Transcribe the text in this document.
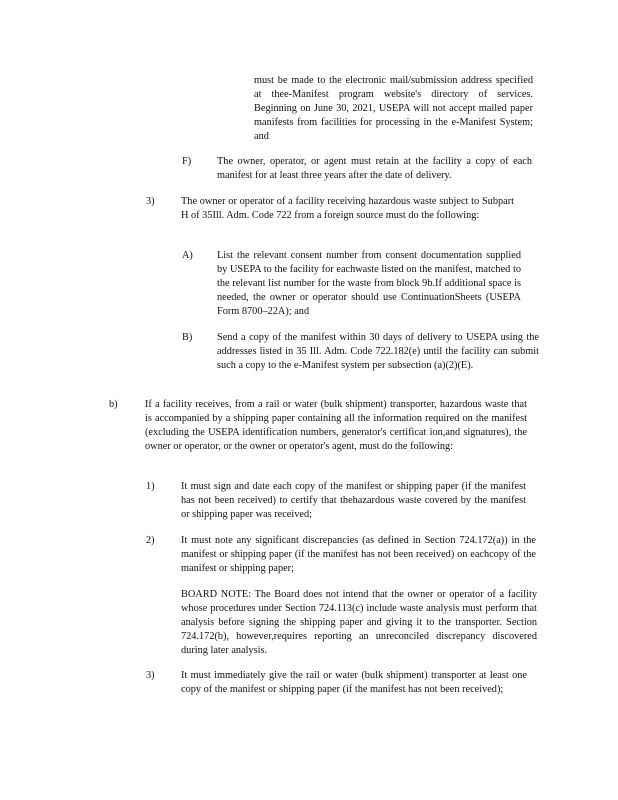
must be made to the electronic mail/submission address specified at thee-Manifest program website's directory of services. Beginning on June 30, 2021, USEPA will not accept mailed paper manifests from facilities for processing in the e-Manifest System; and

F)	The owner, operator, or agent must retain at the facility a copy of each manifest for at least three years after the date of delivery.

3)	The owner or operator of a facility receiving hazardous waste subject to Subpart H of 35Ill. Adm. Code 722 from a foreign source must do the following:

A) List the relevant consent number from consent documentation supplied by USEPA to the facility for eachwaste listed on the manifest, matched to the relevant list number for the waste from block 9b.If additional space is needed, the owner or operator should use ContinuationSheets (USEPA Form 8700–22A); and

B) Send a copy of the manifest within 30 days of delivery to USEPA using the addresses listed in 35 Ill. Adm. Code 722.182(e) until the facility can submit such a copy to the e-Manifest system per subsection (a)(2)(E).

b)	If a facility receives, from a rail or water (bulk shipment) transporter, hazardous waste that is accompanied by a shipping paper containing all the information required on the manifest (excluding the USEPA identification numbers, generator's certificat ion,and signatures), the owner or operator, or the owner or operator's agent, must do the following:

1)	It must sign and date each copy of the manifest or shipping paper (if the manifest has not been received) to certify that thehazardous waste covered by the manifest or shipping paper was received;

2)	It must note any significant discrepancies (as defined in Section 724.172(a)) in the manifest or shipping paper (if the manifest has not been received) on eachcopy of the manifest or shipping paper;

BOARD NOTE: The Board does not intend that the owner or operator of a facility whose procedures under Section 724.113(c) include waste analysis must perform that analysis before signing the shipping paper and giving it to the transporter. Section 724.172(b), however,requires reporting an unreconciled discrepancy discovered during later analysis.

3)	It must immediately give the rail or water (bulk shipment) transporter at least one copy of the manifest or shipping paper (if the manifest has not been received);
